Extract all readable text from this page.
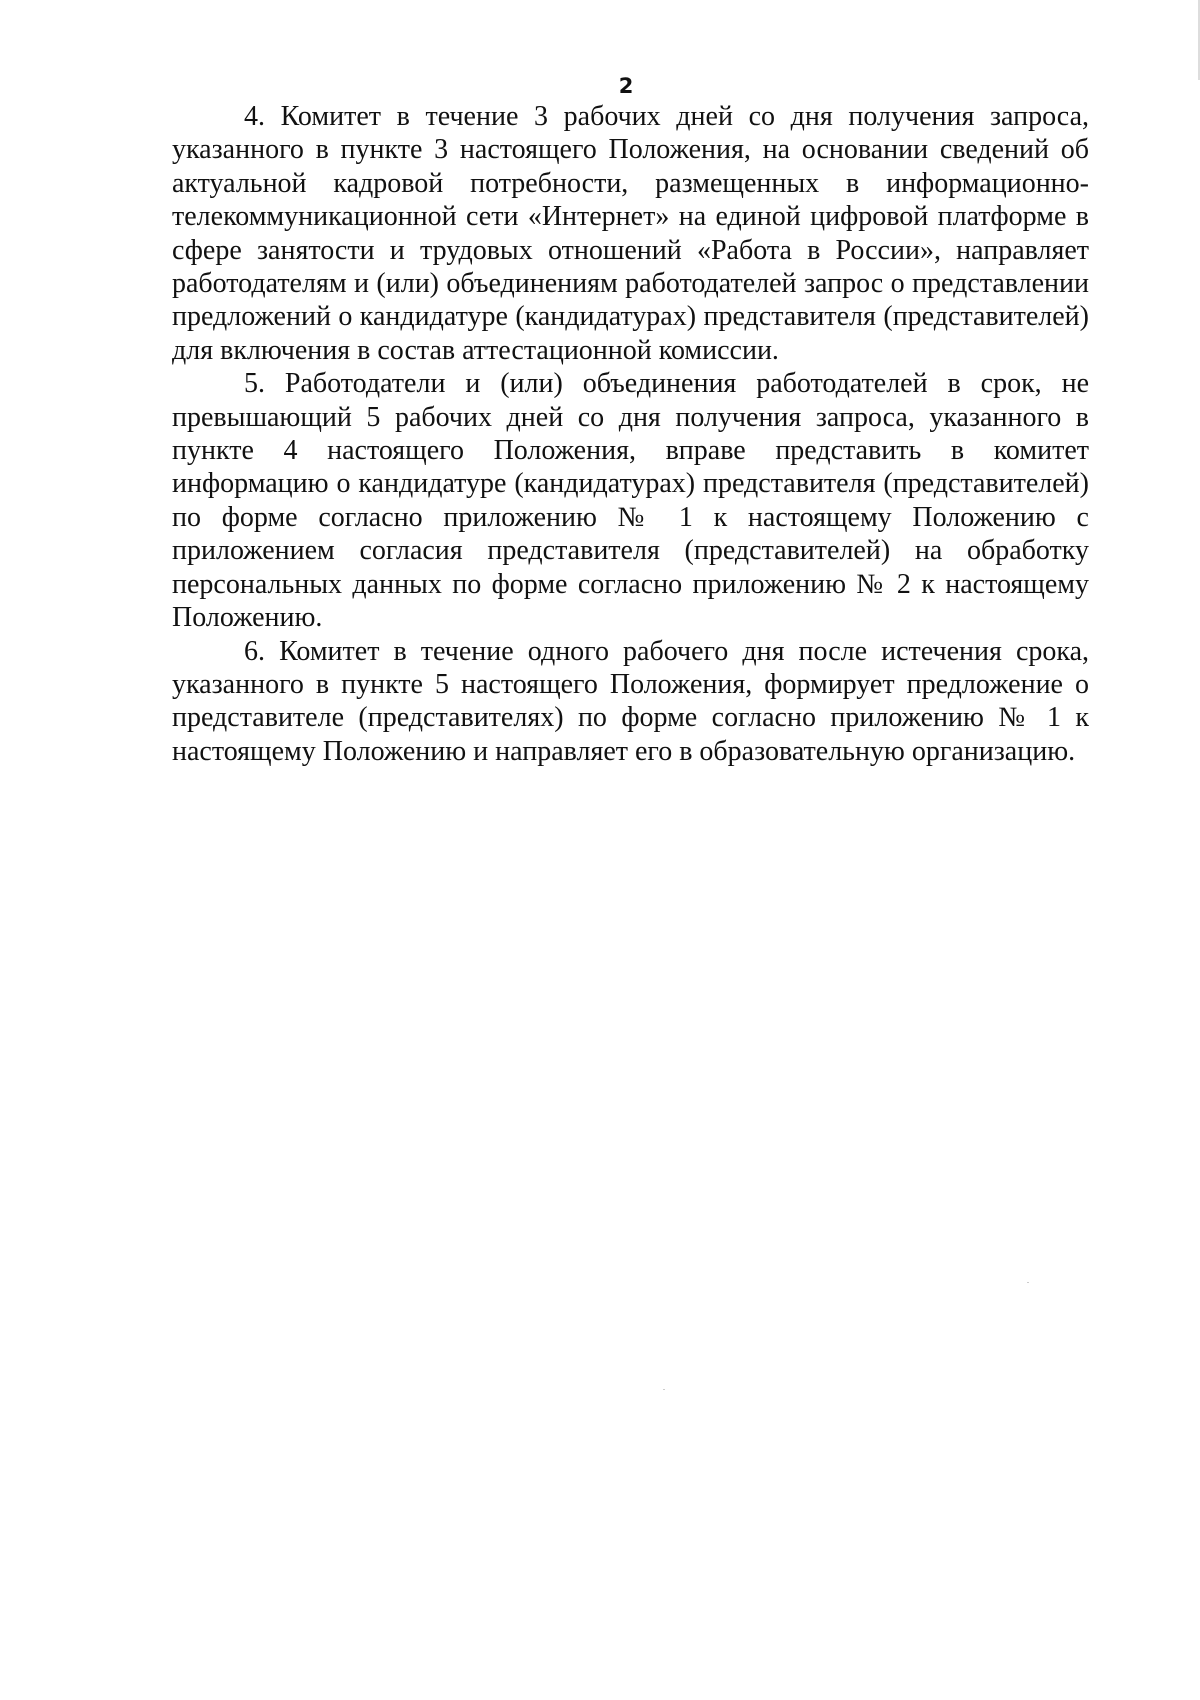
2

4. Комитет в течение 3 рабочих дней со дня получения запроса, указанного в пункте 3 настоящего Положения, на основании сведений об актуальной кадровой потребности, размещенных в информационно-телекоммуникационной сети «Интернет» на единой цифровой платформе в сфере занятости и трудовых отношений «Работа в России», направляет работодателям и (или) объединениям работодателей запрос о представлении предложений о кандидатуре (кандидатурах) представителя (представителей) для включения в состав аттестационной комиссии.

5. Работодатели и (или) объединения работодателей в срок, не превышающий 5 рабочих дней со дня получения запроса, указанного в пункте 4 настоящего Положения, вправе представить в комитет информацию о кандидатуре (кандидатурах) представителя (представителей) по форме согласно приложению № 1 к настоящему Положению с приложением согласия представителя (представителей) на обработку персональных данных по форме согласно приложению № 2 к настоящему Положению.

6. Комитет в течение одного рабочего дня после истечения срока, указанного в пункте 5 настоящего Положения, формирует предложение о представителе (представителях) по форме согласно приложению № 1 к настоящему Положению и направляет его в образовательную организацию.
